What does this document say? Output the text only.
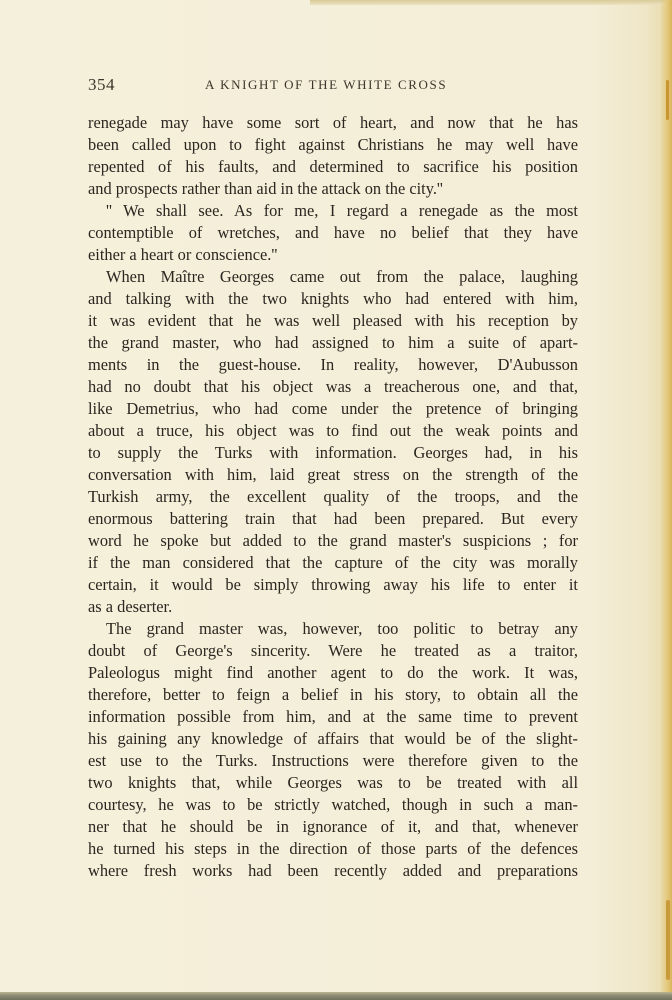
354	A KNIGHT OF THE WHITE CROSS
renegade may have some sort of heart, and now that he has
been called upon to fight against Christians he may well have
repented of his faults, and determined to sacrifice his position
and prospects rather than aid in the attack on the city.''
'' We shall see. As for me, I regard a renegade as the most
contemptible of wretches, and have no belief that they have
either a heart or conscience.''
When Maître Georges came out from the palace, laughing
and talking with the two knights who had entered with him,
it was evident that he was well pleased with his reception by
the grand master, who had assigned to him a suite of apart-
ments in the guest-house. In reality, however, D'Aubusson
had no doubt that his object was a treacherous one, and that,
like Demetrius, who had come under the pretence of bringing
about a truce, his object was to find out the weak points and
to supply the Turks with information. Georges had, in his
conversation with him, laid great stress on the strength of the
Turkish army, the excellent quality of the troops, and the
enormous battering train that had been prepared. But every
word he spoke but added to the grand master's suspicions ; for
if the man considered that the capture of the city was morally
certain, it would be simply throwing away his life to enter it
as a deserter.
The grand master was, however, too politic to betray any
doubt of George's sincerity. Were he treated as a traitor,
Paleologus might find another agent to do the work. It was,
therefore, better to feign a belief in his story, to obtain all the
information possible from him, and at the same time to prevent
his gaining any knowledge of affairs that would be of the slight-
est use to the Turks. Instructions were therefore given to the
two knights that, while Georges was to be treated with all
courtesy, he was to be strictly watched, though in such a man-
ner that he should be in ignorance of it, and that, whenever
he turned his steps in the direction of those parts of the defences
where fresh works had been recently added and preparations
